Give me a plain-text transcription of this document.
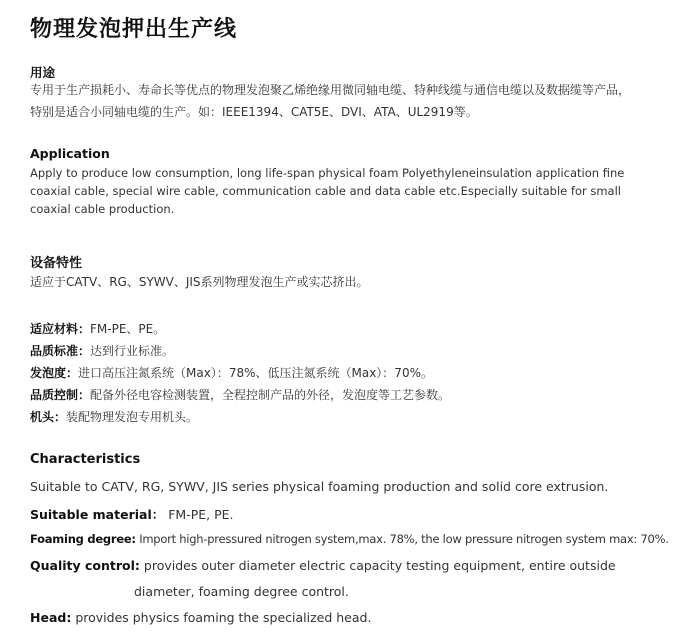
物理发泡押出生产线
用途
专用于生产损耗小、寿命长等优点的物理发泡聚乙烯绝缘用微同轴电缆、特种线缆与通信电缆以及数据缆等产品，
特别是适合小同轴电缆的生产。如：IEEE1394、CAT5E、DVI、ATA、UL2919等。
Application
Apply to produce low consumption, long life-span physical foam Polyethyleneinsulation application fine
coaxial cable, special wire cable, communication cable and data cable etc.Especially suitable for small
coaxial cable production.
设备特性
适应于CATV、RG、SYWV、JIS系列物理发泡生产或实芯挤出。
适应材料：FM-PE、PE。
品质标准：达到行业标准。
发泡度：进口高压注氮系统（Max）：78%、低压注氮系统（Max）：70%。
品质控制：配备外径电容检测装置，全程控制产品的外径，发泡度等工艺参数。
机头：装配物理发泡专用机头。
Characteristics
Suitable to CATV, RG, SYWV, JIS series physical foaming production and solid core extrusion.
Suitable material： FM-PE, PE.
Foaming degree: Import high-pressured nitrogen system,max. 78%, the low pressure nitrogen system max: 70%.
Quality control: provides outer diameter electric capacity testing equipment, entire outside
diameter, foaming degree control.
Head: provides physics foaming the specialized head.
